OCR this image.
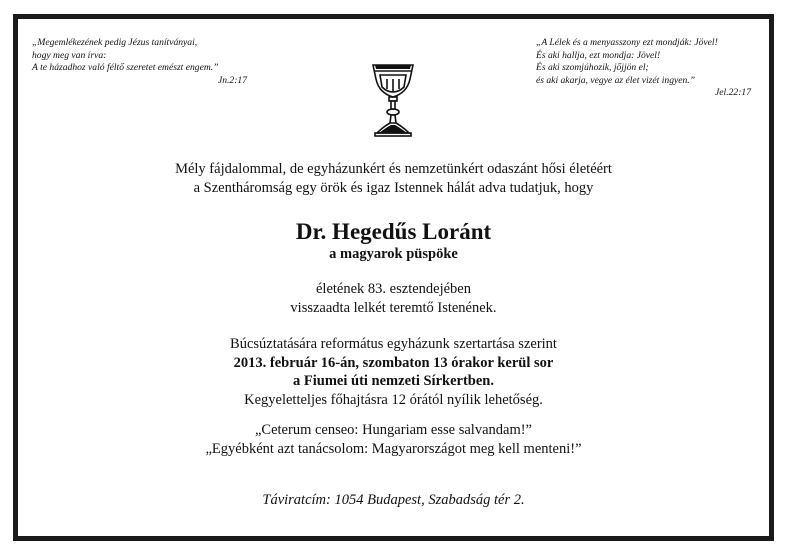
„Megemlékezének pedig Jézus tanítványai,
hogy meg van írva:
A te házadhoz való féltő szeretet emészt engem.”
Jn.2:17
„A Lélek és a menyasszony ezt mondják: Jövel!
És aki hallja, ezt mondja: Jövel!
És aki szomjúhozik, jőjjön el;
és aki akarja, vegye az élet vizét ingyen.”
Jel.22:17
Mély fájdalommal, de egyházunkért és nemzetünkért odaszánt hősi életéért
a Szentháromság egy örök és igaz Istennek hálát adva tudatjuk, hogy
Dr. Hegedűs Loránt
a magyarok püspöke
életének 83. esztendejében
visszaadta lelkét teremtő Istenének.
Búcsúztatására református egyházunk szertartása szerint
2013. február 16-án, szombaton 13 órakor kerül sor
a Fiumei úti nemzeti Sírkertben.
Kegyeletteljes főhajtásra 12 órától nyílik lehetőség.
„Ceterum censeo: Hungariam esse salvandam!”
„Egyébként azt tanácsolom: Magyarországot meg kell menteni!”
Táviratcím: 1054 Budapest, Szabadság tér 2.
